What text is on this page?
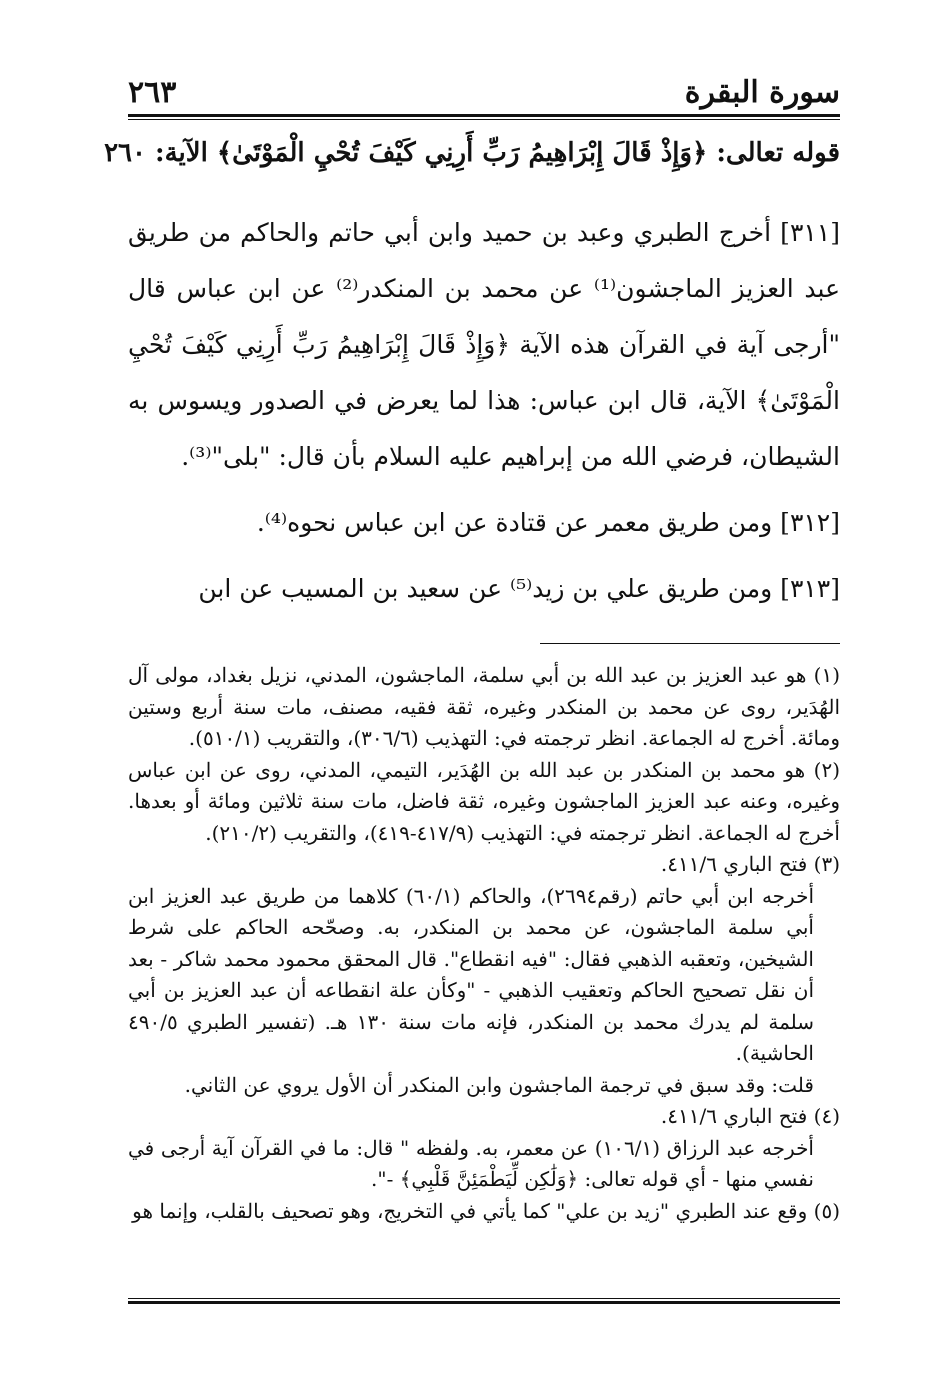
سورة البقرة
٢٦٣
قوله تعالى: ﴿وَإِذْ قَالَ إِبْرَاهِيمُ رَبِّ أَرِنِي كَيْفَ تُحْيِ الْمَوْتَىٰ﴾ الآية: ٢٦٠

[٣١١] أخرج الطبري وعبد بن حميد وابن أبي حاتم والحاكم من طريق عبد العزيز الماجشون⁽¹⁾ عن محمد بن المنكدر⁽²⁾ عن ابن عباس قال "أرجى آية في القرآن هذه الآية ﴿وَإِذْ قَالَ إِبْرَاهِيمُ رَبِّ أَرِنِي كَيْفَ تُحْيِ الْمَوْتَىٰ﴾ الآية، قال ابن عباس: هذا لما يعرض في الصدور ويسوس به الشيطان، فرضي الله من إبراهيم عليه السلام بأن قال: "بلى"⁽³⁾.

[٣١٢] ومن طريق معمر عن قتادة عن ابن عباس نحوه⁽⁴⁾.

[٣١٣] ومن طريق علي بن زيد⁽⁵⁾ عن سعيد بن المسيب عن ابن

(١) هو عبد العزيز بن عبد الله بن أبي سلمة، الماجشون، المدني، نزيل بغداد، مولى آل الهُدَير، روى عن محمد بن المنكدر وغيره، ثقة فقيه، مصنف، مات سنة أربع وستين ومائة. أخرج له الجماعة. انظر ترجمته في: التهذيب (٣٠٦/٦)، والتقريب (٥١٠/١).

(٢) هو محمد بن المنكدر بن عبد الله بن الهُدَير، التيمي، المدني، روى عن ابن عباس وغيره، وعنه عبد العزيز الماجشون وغيره، ثقة فاضل، مات سنة ثلاثين ومائة أو بعدها. أخرج له الجماعة. انظر ترجمته في: التهذيب (٤١٧/٩-٤١٩)، والتقريب (٢١٠/٢).

(٣) فتح الباري ٤١١/٦.

أخرجه ابن أبي حاتم (رقم٢٦٩٤)، والحاكم (٦٠/١) كلاهما من طريق عبد العزيز ابن أبي سلمة الماجشون، عن محمد بن المنكدر، به. وصحّحه الحاكم على شرط الشيخين، وتعقبه الذهبي فقال: "فيه انقطاع". قال المحقق محمود محمد شاكر - بعد أن نقل تصحيح الحاكم وتعقيب الذهبي - "وكأن علة انقطاعه أن عبد العزيز بن أبي سلمة لم يدرك محمد بن المنكدر، فإنه مات سنة ١٣٠ هـ. (تفسير الطبري ٤٩٠/٥ الحاشية).

قلت: وقد سبق في ترجمة الماجشون وابن المنكدر أن الأول يروي عن الثاني.

(٤) فتح الباري ٤١١/٦.

أخرجه عبد الرزاق (١٠٦/١) عن معمر، به. ولفظه " قال: ما في القرآن آية أرجى في نفسي منها - أي قوله تعالى: ﴿وَلَٰكِن لِّيَطْمَئِنَّ قَلْبِي﴾ -".

(٥) وقع عند الطبري "زيد بن علي" كما يأتي في التخريج، وهو تصحيف بالقلب، وإنما هو
